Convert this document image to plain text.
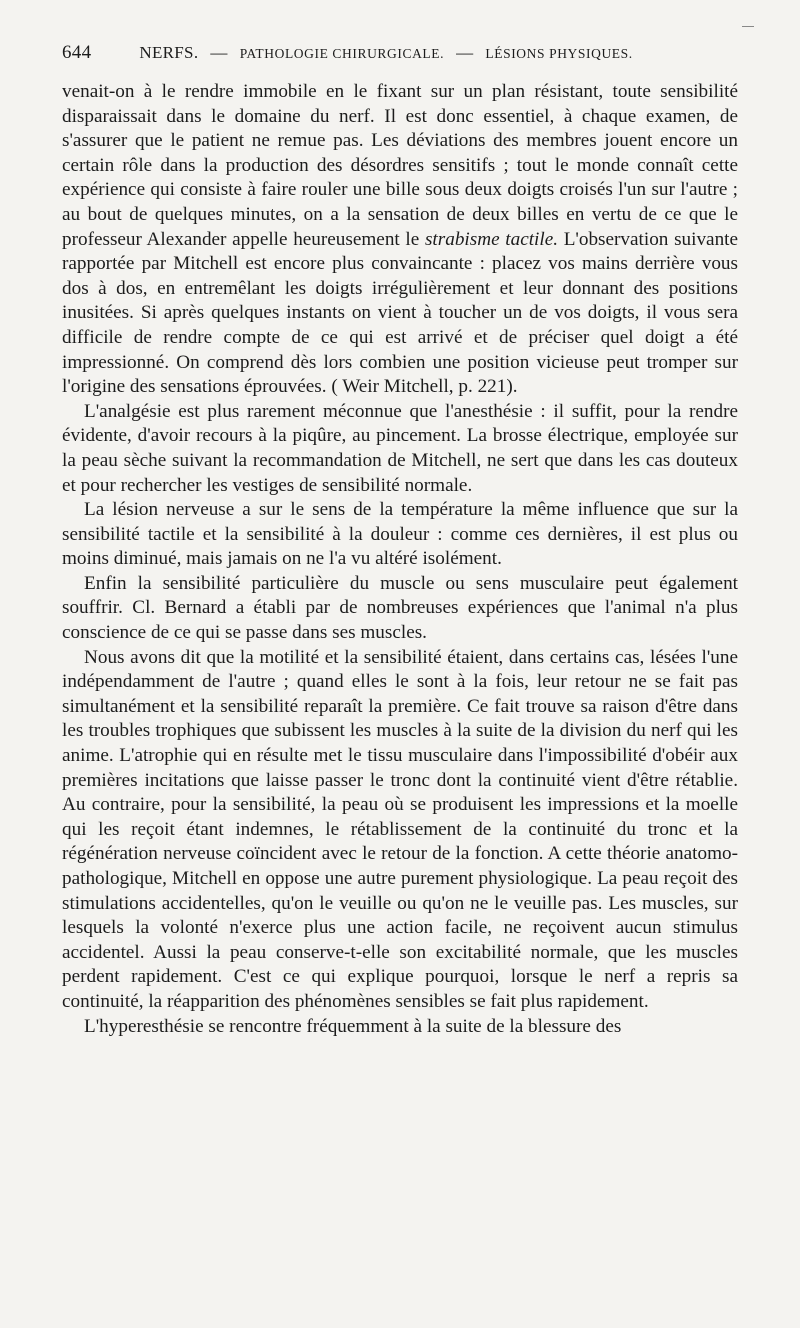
644	NERFS. — PATHOLOGIE CHIRURGICALE. — LÉSIONS PHYSIQUES.

venait-on à le rendre immobile en le fixant sur un plan résistant, toute sensibilité disparaissait dans le domaine du nerf. Il est donc essentiel, à chaque examen, de s'assurer que le patient ne remue pas. Les déviations des membres jouent encore un certain rôle dans la production des désordres sensitifs ; tout le monde connaît cette expérience qui consiste à faire rouler une bille sous deux doigts croisés l'un sur l'autre ; au bout de quelques minutes, on a la sensation de deux billes en vertu de ce que le professeur Alexander appelle heureusement le strabisme tactile. L'observation suivante rapportée par Mitchell est encore plus convaincante : placez vos mains derrière vous dos à dos, en entremêlant les doigts irrégulièrement et leur donnant des positions inusitées. Si après quelques instants on vient à toucher un de vos doigts, il vous sera difficile de rendre compte de ce qui est arrivé et de préciser quel doigt a été impressionné. On comprend dès lors combien une position vicieuse peut tromper sur l'origine des sensations éprouvées. ( Weir Mitchell, p. 221).

L'analgésie est plus rarement méconnue que l'anesthésie : il suffit, pour la rendre évidente, d'avoir recours à la piqûre, au pincement. La brosse électrique, employée sur la peau sèche suivant la recommandation de Mitchell, ne sert que dans les cas douteux et pour rechercher les vestiges de sensibilité normale.

La lésion nerveuse a sur le sens de la température la même influence que sur la sensibilité tactile et la sensibilité à la douleur : comme ces dernières, il est plus ou moins diminué, mais jamais on ne l'a vu altéré isolément.

Enfin la sensibilité particulière du muscle ou sens musculaire peut également souffrir. Cl. Bernard a établi par de nombreuses expériences que l'animal n'a plus conscience de ce qui se passe dans ses muscles.

Nous avons dit que la motilité et la sensibilité étaient, dans certains cas, lésées l'une indépendamment de l'autre ; quand elles le sont à la fois, leur retour ne se fait pas simultanément et la sensibilité reparaît la première. Ce fait trouve sa raison d'être dans les troubles trophiques que subissent les muscles à la suite de la division du nerf qui les anime. L'atrophie qui en résulte met le tissu musculaire dans l'impossibilité d'obéir aux premières incitations que laisse passer le tronc dont la continuité vient d'être rétablie. Au contraire, pour la sensibilité, la peau où se produisent les impressions et la moelle qui les reçoit étant indemnes, le rétablissement de la continuité du tronc et la régénération nerveuse coïncident avec le retour de la fonction. A cette théorie anatomo-pathologique, Mitchell en oppose une autre purement physiologique. La peau reçoit des stimulations accidentelles, qu'on le veuille ou qu'on ne le veuille pas. Les muscles, sur lesquels la volonté n'exerce plus une action facile, ne reçoivent aucun stimulus accidentel. Aussi la peau conserve-t-elle son excitabilité normale, que les muscles perdent rapidement. C'est ce qui explique pourquoi, lorsque le nerf a repris sa continuité, la réapparition des phénomènes sensibles se fait plus rapidement.

L'hyperesthésie se rencontre fréquemment à la suite de la blessure des
